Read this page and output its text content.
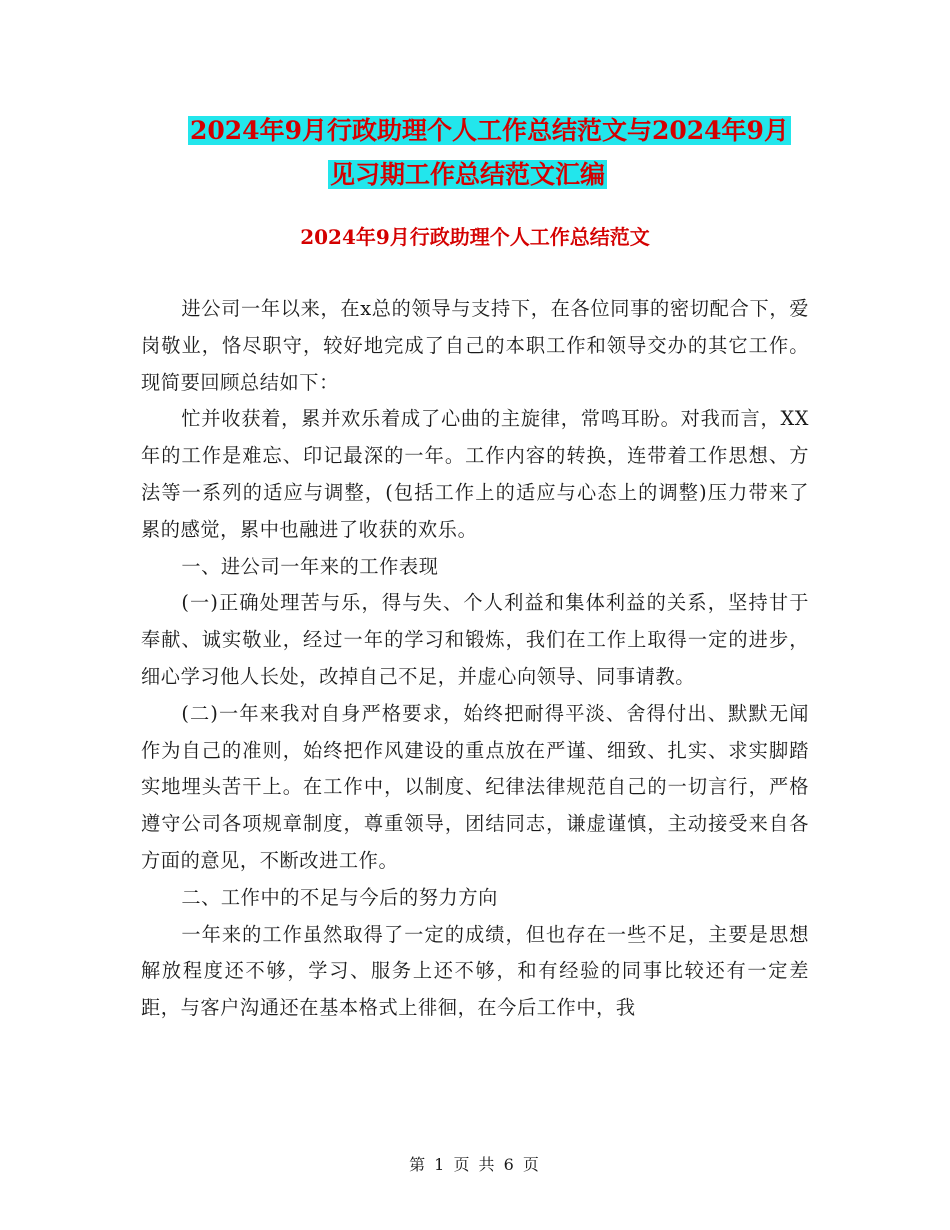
2024年9月行政助理个人工作总结范文与2024年9月
见习期工作总结范文汇编
2024年9月行政助理个人工作总结范文

进公司一年以来，在x总的领导与支持下，在各位同事的密切配合下，爱岗敬业，恪尽职守，较好地完成了自己的本职工作和领导交办的其它工作。现简要回顾总结如下：

忙并收获着，累并欢乐着成了心曲的主旋律，常鸣耳盼。对我而言，XX年的工作是难忘、印记最深的一年。工作内容的转换，连带着工作思想、方法等一系列的适应与调整，(包括工作上的适应与心态上的调整)压力带来了累的感觉，累中也融进了收获的欢乐。

一、进公司一年来的工作表现

(一)正确处理苦与乐，得与失、个人利益和集体利益的关系，坚持甘于奉献、诚实敬业，经过一年的学习和锻炼，我们在工作上取得一定的进步，细心学习他人长处，改掉自己不足，并虚心向领导、同事请教。

(二)一年来我对自身严格要求，始终把耐得平淡、舍得付出、默默无闻作为自己的准则，始终把作风建设的重点放在严谨、细致、扎实、求实脚踏实地埋头苦干上。在工作中，以制度、纪律法律规范自己的一切言行，严格遵守公司各项规章制度，尊重领导，团结同志，谦虚谨慎，主动接受来自各 方面的意见，不断改进工作。

二、工作中的不足与今后的努力方向

一年来的工作虽然取得了一定的成绩，但也存在一些不足，主要是思想解放程度还不够，学习、服务上还不够，和有经验的同事比较还有一定差距，与客户沟通还在基本格式上徘徊，在今后工作中，我

第 1 页 共 6 页
